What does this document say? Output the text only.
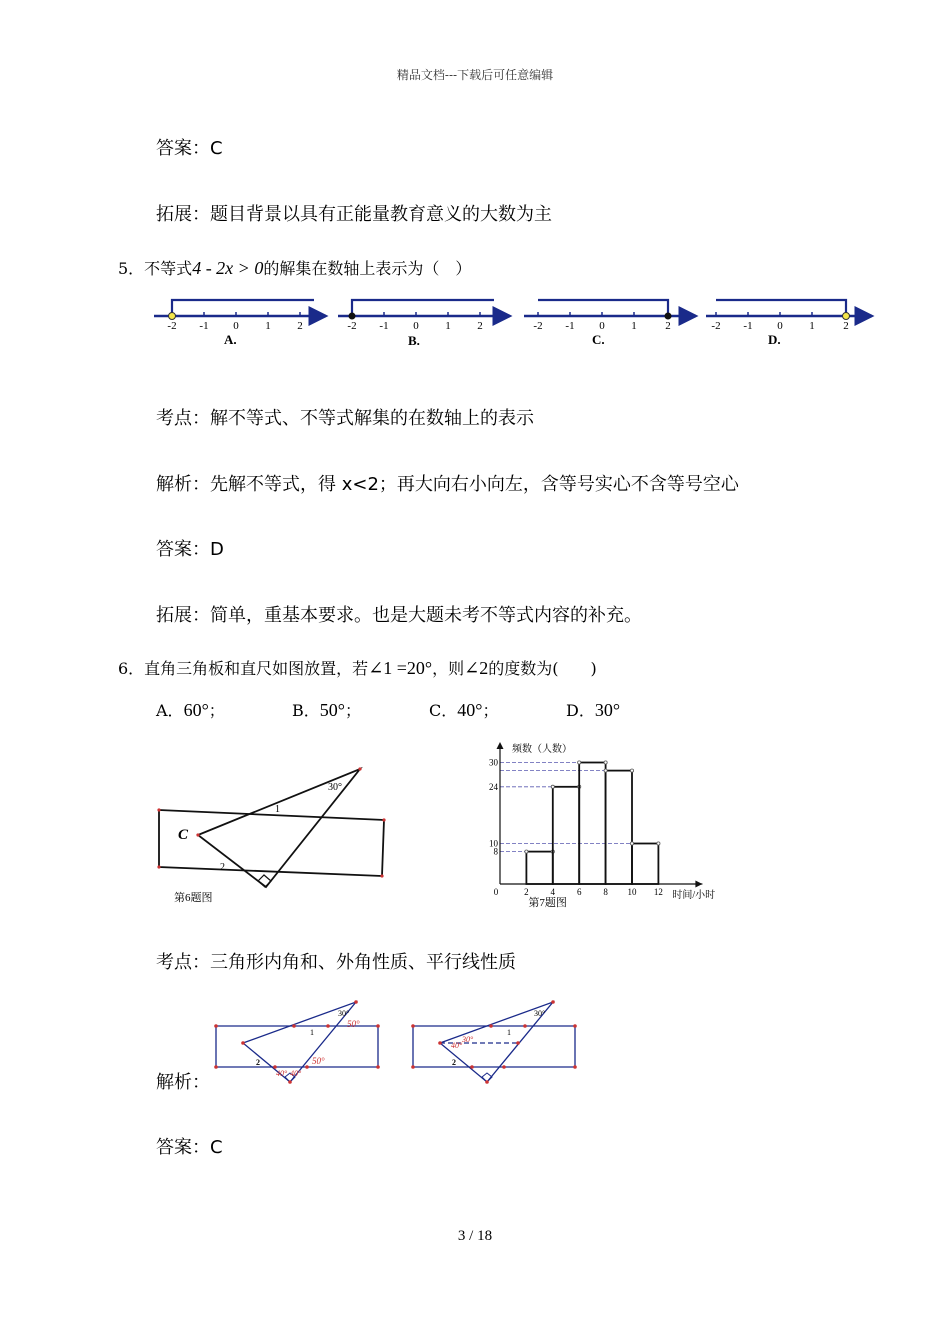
精品文档---下载后可任意编辑
答案：C
拓展：题目背景以具有正能量教育意义的大数为主
5．不等式4 - 2x > 0的解集在数轴上表示为（　）
-2 -1 0 1 2
A.
-2 -1 0 1 2
B.
-2 -1 0 1	2
C.
-2 -1 0 1	2
D.
考点：解不等式、不等式解集的在数轴上的表示
解析：先解不等式，得 x<2；再大向右小向左，含等号实心不含等号空心
答案：D
拓展：简单，重基本要求。也是大题未考不等式内容的补充。
6．直角三角板和直尺如图放置，若∠1 =20°，则∠2的度数为(　　)
A．60°；	B．50°；	C．40°；	D．30°
C
30°
1
2
第6题图	0	2 4 6 8 10 12
8
10
24
30
频数（人数）
时间/小时
第7题图
考点：三角形内角和、外角性质、平行线性质
30°
50°
1
2
40° 40°
50°
30°
1
40°
30°
2
解析：
答案：C
3 / 18
